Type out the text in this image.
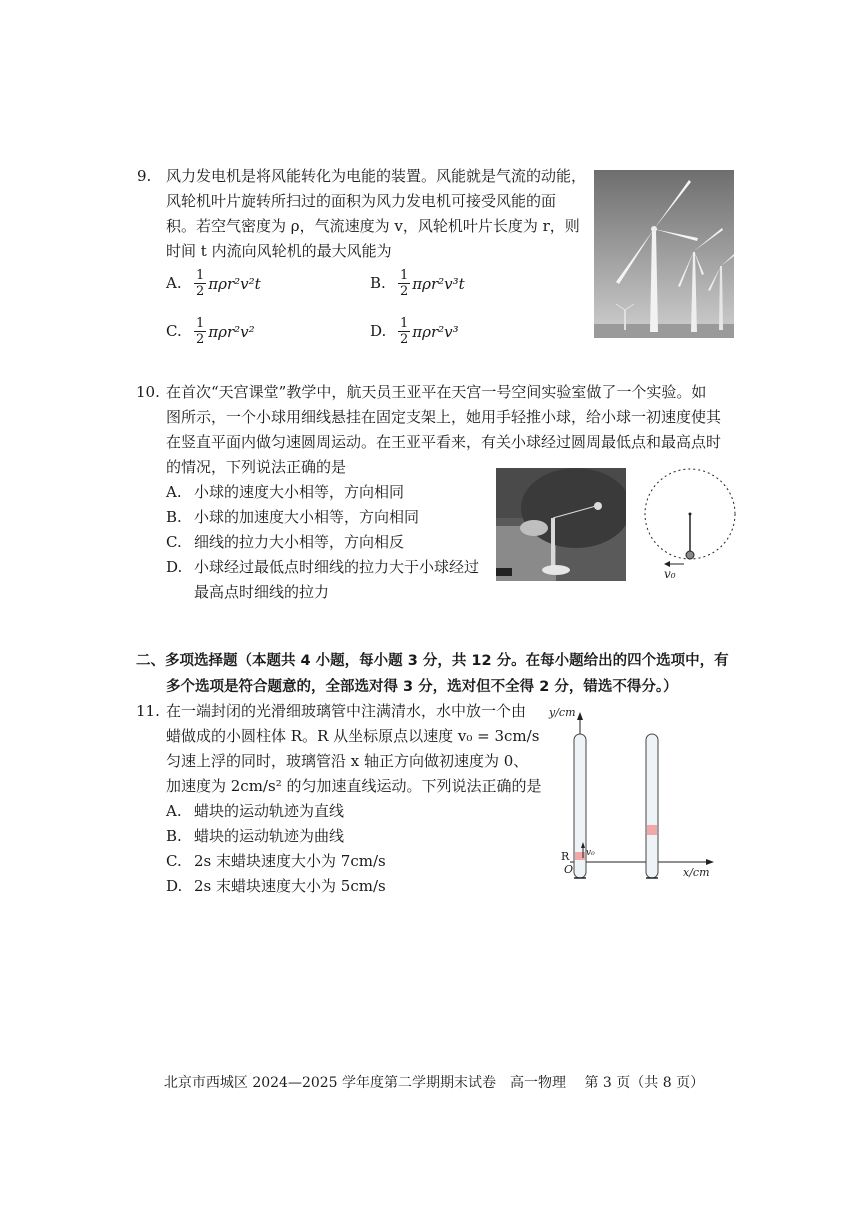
9. 风力发电机是将风能转化为电能的装置。风能就是气流的动能，
风轮机叶片旋转所扫过的面积为风力发电机可接受风能的面
积。若空气密度为 ρ，气流速度为 v，风轮机叶片长度为 r，则
时间 t 内流向风轮机的最大风能为
A. $\frac{1}{2} \pi\rho r^2v^2t$	B. $\frac{1}{2} \pi\rho r^2v^3t$
C. $\frac{1}{2} \pi\rho r^2v^2$	D. $\frac{1}{2} \pi\rho r^2v^3$
10. 在首次“天宫课堂”教学中，航天员王亚平在天宫一号空间实验室做了一个实验。如
图所示，一个小球用细线悬挂在固定支架上，她用手轻推小球，给小球一初速度使其
在竖直平面内做匀速圆周运动。在王亚平看来，有关小球经过圆周最低点和最高点时
的情况，下列说法正确的是
A. 小球的速度大小相等，方向相同
B. 小球的加速度大小相等，方向相同
C. 细线的拉力大小相等，方向相反
D. 小球经过最低点时细线的拉力大于小球经过
最高点时细线的拉力
v₀
二、多项选择题（本题共 4 小题，每小题 3 分，共 12 分。在每小题给出的四个选项中，有
多个选项是符合题意的，全部选对得 3 分，选对但不全得 2 分，错选不得分。）
11. 在一端封闭的光滑细玻璃管中注满清水，水中放一个由
蜡做成的小圆柱体 R。R 从坐标原点以速度 v₀ = 3cm/s
匀速上浮的同时，玻璃管沿 x 轴正方向做初速度为 0、
加速度为 2cm/s² 的匀加速直线运动。下列说法正确的是
A. 蜡块的运动轨迹为直线
B. 蜡块的运动轨迹为曲线
C. 2s 末蜡块速度大小为 7cm/s
D. 2s 末蜡块速度大小为 5cm/s
y/cm
x/cm
v₀
R
O
北京市西城区 2024—2025 学年度第二学期期末试卷　高一物理　 第 3 页（共 8 页）
